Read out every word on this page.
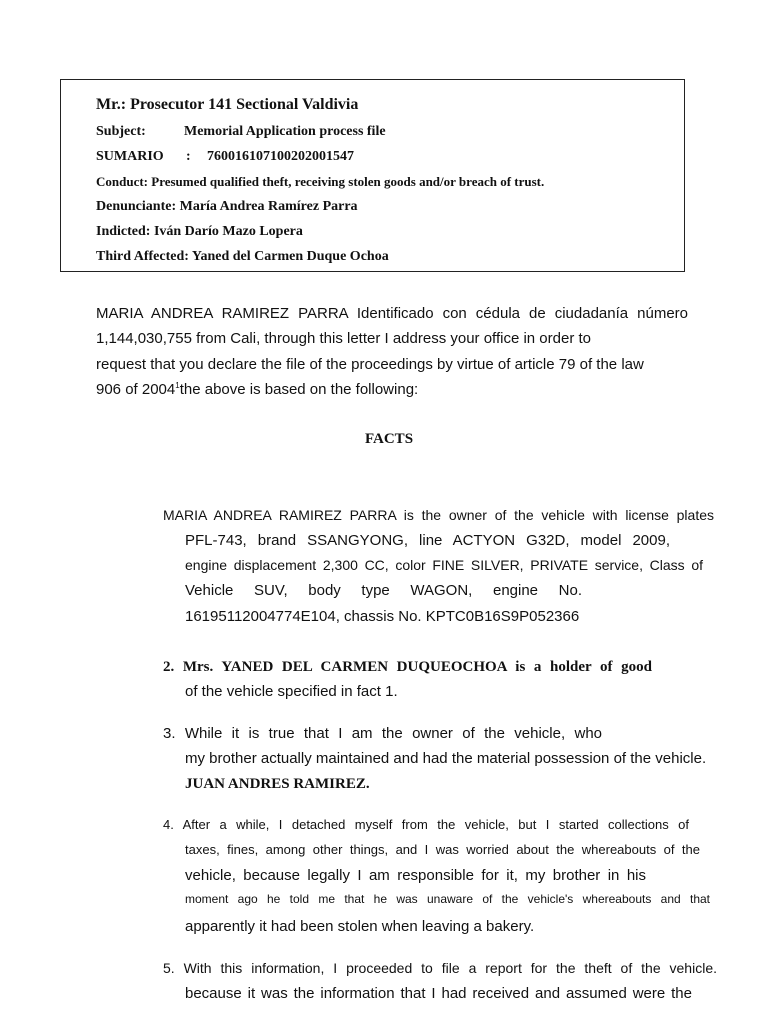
Mr.: Prosecutor 141 Sectional Valdivia
Subject:	Memorial Application process file
SUMARIO : 760016107100202001547
Conduct: Presumed qualified theft, receiving stolen goods and/or breach of trust.
Denunciante: María Andrea Ramírez Parra
Indicted: Iván Darío Mazo Lopera
Third Affected: Yaned del Carmen Duque Ochoa
MARIA ANDREA RAMIREZ PARRA Identificado con cédula de ciudadanía número
1,144,030,755 from Cali, through this letter I address your office in order to
request that you declare the file of the proceedings by virtue of article 79 of the law
906 of 2004$^1$the above is based on the following:
FACTS
MARIA ANDREA RAMIREZ PARRA is the owner of the vehicle with license plates
PFL-743, brand SSANGYONG, line ACTYON G32D, model 2009,
engine displacement 2,300 CC, color FINE SILVER, PRIVATE service, Class of
Vehicle SUV, body type WAGON, engine No.
16195112004774E104, chassis No. KPTC0B16S9P052366
2. Mrs. YANED DEL CARMEN DUQUEOCHOA is a holder of good
of the vehicle specified in fact 1.
3. While it is true that I am the owner of the vehicle, who
my brother actually maintained and had the material possession of the vehicle.
JUAN ANDRES RAMIREZ.
4. After a while, I detached myself from the vehicle, but I started collections of
taxes, fines, among other things, and I was worried about the whereabouts of the
vehicle, because legally I am responsible for it, my brother in his
moment ago he told me that he was unaware of the vehicle's whereabouts and that
apparently it had been stolen when leaving a bakery.
5. With this information, I proceeded to file a report for the theft of the vehicle.
because it was the information that I had received and assumed were the
